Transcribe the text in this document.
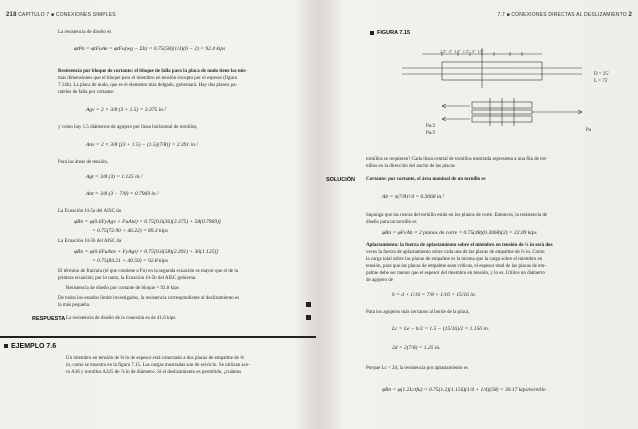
218 CAPÍTULO 7 ■ CONEXIONES SIMPLES
La resistencia de diseño es
φtPn = φtFuAe = φtFu(wg − Σh) = 0.75(58)(1/3)(6 − 2) = 92.4 kips
Resistencia por bloque de cortante: el bloque de falla para la placa de nudo tiene las mis-
mas dimensiones que el bloque para el miembro en tensión excepto por el espesor (figura
7.14b). La placa de nudo, que es el elemento más delgado, gobernará. Hay dos planos pa-
ralelos de falla por cortante:
Agv = 2 × 3/8 (3 + 1.5) = 3.375 in.²
y como hay 1.5 diámetros de agujero por línea horizontal de tornillos,
Anv = 2 × 3/8 [(3 + 1.5) − (1.5)(7/8)] = 2.391 in.²
Para las áreas de tensión,
Agt = 3/8 (3) = 1.125 in.²
Ant = 3/8 (3 − 7/8) = 0.7969 in.²
La Ecuación J4-5a del AISC da
φRn = φ(0.6FyAgv + FuAnt) = 0.75[0.6(36)(3.375) + 58(0.7969)]
= 0.75(72.90 + 46.22) = 89.3 kips
La Ecuación J4-5b del AISC da
φRn = φ(0.6FuAnv + FyAgt) = 0.75[0.6(58)(2.391) + 36(1.125)]
= 0.75(83.21 + 40.50) = 92.8 kips
El término de fractura (el que contiene a Fu) en la segunda ecuación es mayor que el de la
primera ecuación; por lo tanto, la Ecuación J4-5b del AISC gobierna.
Resistencia de diseño por cortante de bloque = 92.8 kips
De todos los estados límite investigados, la resistencia correspondiente al deslizamiento es
la más pequeña.
RESPUESTA La resistencia de diseño de la conexión es de 41.6 kips.
EJEMPLO 7.6
Un miembro en tensión de ⅜ in de espesor está conectado a dos placas de empalme de ⅜
in, como se muestra en la figura 7.15. Las cargas mostradas son de servicio. Se utilizan ace-
ro A36 y tornillos A325 de ⅞ in de diámetro. Si el deslizamiento es permitido, ¿cuántos
7.7 ■ CONEXIONES DIRECTAS AL DESLIZAMIENTO 2
FIGURA 7.15
1.5" 3" 1.5" 1.5" 3" 1.5"
D = 25'
L = 75'
Pu/2
Pu/2
Pu
tornillos se requieren? Cada línea central de tornillos mostrada representa a una fila de tor-
nillos en la dirección del ancho de las placas
SOLUCIÓN Cortante: por cortante, el área nominal de un tornillo es
Ab = π(7/8)²/4 = 0.3068 in.²
Suponga que las roscas del tornillo están en los planos de corte. Entonces, la resistencia de
diseño para un tornillo es
φRn = φFvAb × 2 planos de corte = 0.75(48)(0.3068)(2) = 22.09 kips
Aplastamiento: la fuerza de aplastamiento sobre el miembro en tensión de ¼ in será dos
veces la fuerza de aplastamiento sobre cada una de las placas de empalme de ¼ in. Como
la carga total sobre las placas de empalme es la misma que la carga sobre el miembro en
tensión, para que las placas de empalme sean críticas, el espesor total de las placas de em-
palme debe ser menor que el espesor del miembro en tensión, y lo es. Utilice un diámetro
de agujero de
h = d + 1/16 = 7/8 + 1/16 = 15/16 in.
Para los agujeros más cercanos al borde de la placa,
Lc = Le − h/2 = 1.5 − (15/16)/2 = 1.156 in.
2d = 2(7/8) = 1.25 in.
Porque Lc < 2d, la resistencia por aplastamiento es
φRn = φ(1.2Lctfu) = 0.75(1.2)(1.156)(1/4 + 1/4)(58) = 30.17 kips/tornillo
